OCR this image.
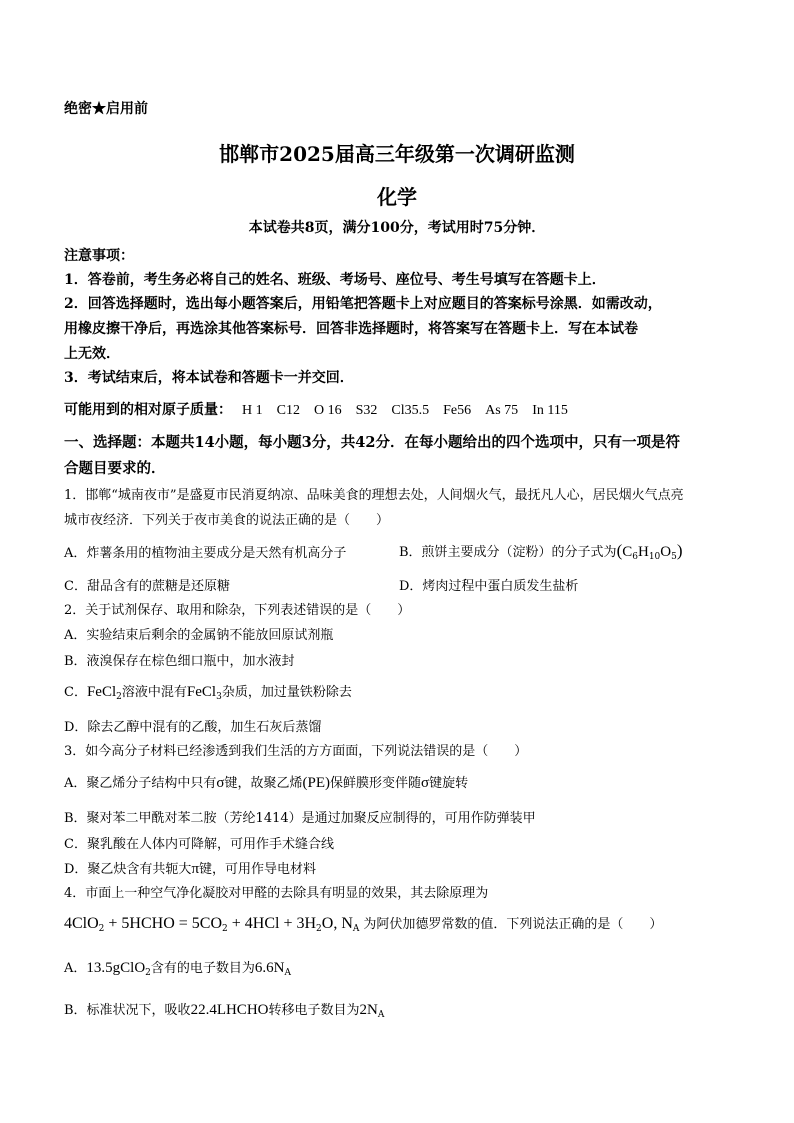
绝密★启用前
邯郸市2025届高三年级第一次调研监测
化学
本试卷共8页，满分100分，考试用时75分钟．
注意事项：
1．答卷前，考生务必将自己的姓名、班级、考场号、座位号、考生号填写在答题卡上．
2．回答选择题时，选出每小题答案后，用铅笔把答题卡上对应题目的答案标号涂黑．如需改动，
用橡皮擦干净后，再选涂其他答案标号．回答非选择题时，将答案写在答题卡上．写在本试卷
上无效．
3．考试结束后，将本试卷和答题卡一并交回．
可能用到的相对原子质量： H 1 C12 O 16 S32 Cl35.5 Fe56 As 75 In 115
一、选择题：本题共14小题，每小题3分，共42分．在每小题给出的四个选项中，只有一项是符
合题目要求的．
1．邯郸“城南夜市”是盛夏市民消夏纳凉、品味美食的理想去处，人间烟火气，最抚凡人心，居民烟火气点亮
城市夜经济．下列关于夜市美食的说法正确的是（　　）
A．炸薯条用的植物油主要成分是天然有机高分子	B．煎饼主要成分（淀粉）的分子式为$(C_6H_{10}O_5)$
C．甜品含有的蔗糖是还原糖	D．烤肉过程中蛋白质发生盐析
2．关于试剂保存、取用和除杂，下列表述错误的是（　　）
A．实验结束后剩余的金属钠不能放回原试剂瓶
B．液溴保存在棕色细口瓶中，加水液封
C．FeCl$_2$溶液中混有FeCl$_3$杂质，加过量铁粉除去
D．除去乙醇中混有的乙酸，加生石灰后蒸馏
3．如今高分子材料已经渗透到我们生活的方方面面，下列说法错误的是（　　）
A．聚乙烯分子结构中只有σ键，故聚乙烯(PE)保鲜膜形变伴随σ键旋转
B．聚对苯二甲酰对苯二胺（芳纶1414）是通过加聚反应制得的，可用作防弹装甲
C．聚乳酸在人体内可降解，可用作手术缝合线
D．聚乙炔含有共轭大π键，可用作导电材料
4．市面上一种空气净化凝胶对甲醛的去除具有明显的效果，其去除原理为
4ClO$_2$ + 5HCHO = $5CO_2 + 4HCl + 3H_2O$, $N_A$ 为阿伏加德罗常数的值．下列说法正确的是（　　）
A．13.5gClO$_2$含有的电子数目为$6.6N_A$
B．标准状况下，吸收22.4LHCHO转移电子数目为$2N_A$
